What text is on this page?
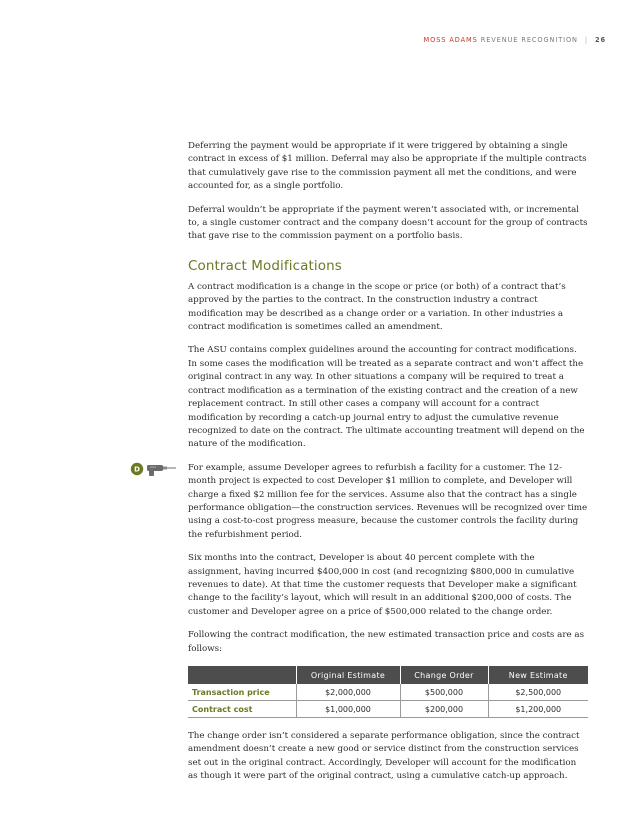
MOSS ADAMS REVENUE RECOGNITION | 26

Deferring the payment would be appropriate if it were triggered by obtaining a single contract in excess of $1 million. Deferral may also be appropriate if the multiple contracts that cumulatively gave rise to the commission payment all met the conditions, and were accounted for, as a single portfolio.

Deferral wouldn’t be appropriate if the payment weren’t associated with, or incremental to, a single customer contract and the company doesn’t account for the group of contracts that gave rise to the commission payment on a portfolio basis.

Contract Modifications

A contract modification is a change in the scope or price (or both) of a contract that’s approved by the parties to the contract. In the construction industry a contract modification may be described as a change order or a variation. In other industries a contract modification is sometimes called an amendment.

The ASU contains complex guidelines around the accounting for contract modifications. In some cases the modification will be treated as a separate contract and won’t affect the original contract in any way. In other situations a company will be required to treat a contract modification as a termination of the existing contract and the creation of a new replacement contract. In still other cases a company will account for a contract modification by recording a catch-up journal entry to adjust the cumulative revenue recognized to date on the contract. The ultimate accounting treatment will depend on the nature of the modification.

D	For example, assume Developer agrees to refurbish a facility for a customer. The 12-month project is expected to cost Developer $1 million to complete, and Developer will charge a fixed $2 million fee for the services. Assume also that the contract has a single performance obligation—the construction services. Revenues will be recognized over time using a cost-to-cost progress measure, because the customer controls the facility during the refurbishment period.

Six months into the contract, Developer is about 40 percent complete with the assignment, having incurred $400,000 in cost (and recognizing $800,000 in cumulative revenues to date). At that time the customer requests that Developer make a significant change to the facility’s layout, which will result in an additional $200,000 of costs. The customer and Developer agree on a price of $500,000 related to the change order.

Following the contract modification, the new estimated transaction price and costs are as follows:

	Original Estimate	Change Order	New Estimate
Transaction price	$2,000,000	$500,000	$2,500,000
Contract cost	$1,000,000	$200,000	$1,200,000

The change order isn’t considered a separate performance obligation, since the contract amendment doesn’t create a new good or service distinct from the construction services set out in the original contract. Accordingly, Developer will account for the modification as though it were part of the original contract, using a cumulative catch-up approach.
